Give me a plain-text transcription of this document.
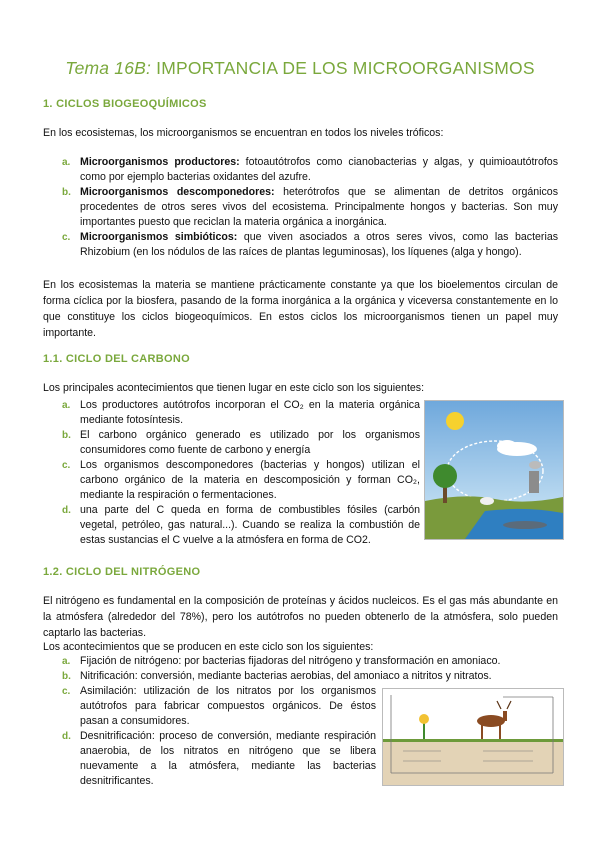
Tema 16B: IMPORTANCIA DE LOS MICROORGANISMOS
1. CICLOS BIOGEOQUÍMICOS
En los ecosistemas, los microorganismos se encuentran en todos los niveles tróficos:
a. Microorganismos productores: fotoautótrofos como cianobacterias y algas, y quimioautótrofos como por ejemplo bacterias oxidantes del azufre.
b. Microorganismos descomponedores: heterótrofos que se alimentan de detritos orgánicos procedentes de otros seres vivos del ecosistema. Principalmente hongos y bacterias. Son muy importantes puesto que reciclan la materia orgánica a inorgánica.
c. Microorganismos simbióticos: que viven asociados a otros seres vivos, como las bacterias Rhizobium (en los nódulos de las raíces de plantas leguminosas), los líquenes (alga y hongo).
En los ecosistemas la materia se mantiene prácticamente constante ya que los bioelementos circulan de forma cíclica por la biosfera, pasando de la forma inorgánica a la orgánica y viceversa constantemente en lo que constituye los ciclos biogeoquímicos. En estos ciclos los microorganismos tienen un papel muy importante.
1.1. CICLO DEL CARBONO
Los principales acontecimientos que tienen lugar en este ciclo son los siguientes:
a. Los productores autótrofos incorporan el CO₂ en la materia orgánica mediante fotosíntesis.
b. El carbono orgánico generado es utilizado por los organismos consumidores como fuente de carbono y energía
c. Los organismos descomponedores (bacterias y hongos) utilizan el carbono orgánico de la materia en descomposición y forman CO₂, mediante la respiración o fermentaciones.
d. una parte del C queda en forma de combustibles fósiles (carbón vegetal, petróleo, gas natural...). Cuando se realiza la combustión de estas sustancias el C vuelve a la atmósfera en forma de CO2.
1.2. CICLO DEL NITRÓGENO
El nitrógeno es fundamental en la composición de proteínas y ácidos nucleicos. Es el gas más abundante en la atmósfera (alrededor del 78%), pero los autótrofos no pueden obtenerlo de la atmósfera, solo pueden captarlo las bacterias.
Los acontecimientos que se producen en este ciclo son los siguientes:
a. Fijación de nitrógeno: por bacterias fijadoras del nitrógeno y transformación en amoniaco.
b. Nitrificación: conversión, mediante bacterias aerobias, del amoniaco a nitritos y nitratos.
c. Asimilación: utilización de los nitratos por los organismos autótrofos para fabricar compuestos orgánicos. De éstos pasan a consumidores.
d. Desnitrificación: proceso de conversión, mediante respiración anaerobia, de los nitratos en nitrógeno que se libera nuevamente a la atmósfera, mediante las bacterias desnitrificantes.
